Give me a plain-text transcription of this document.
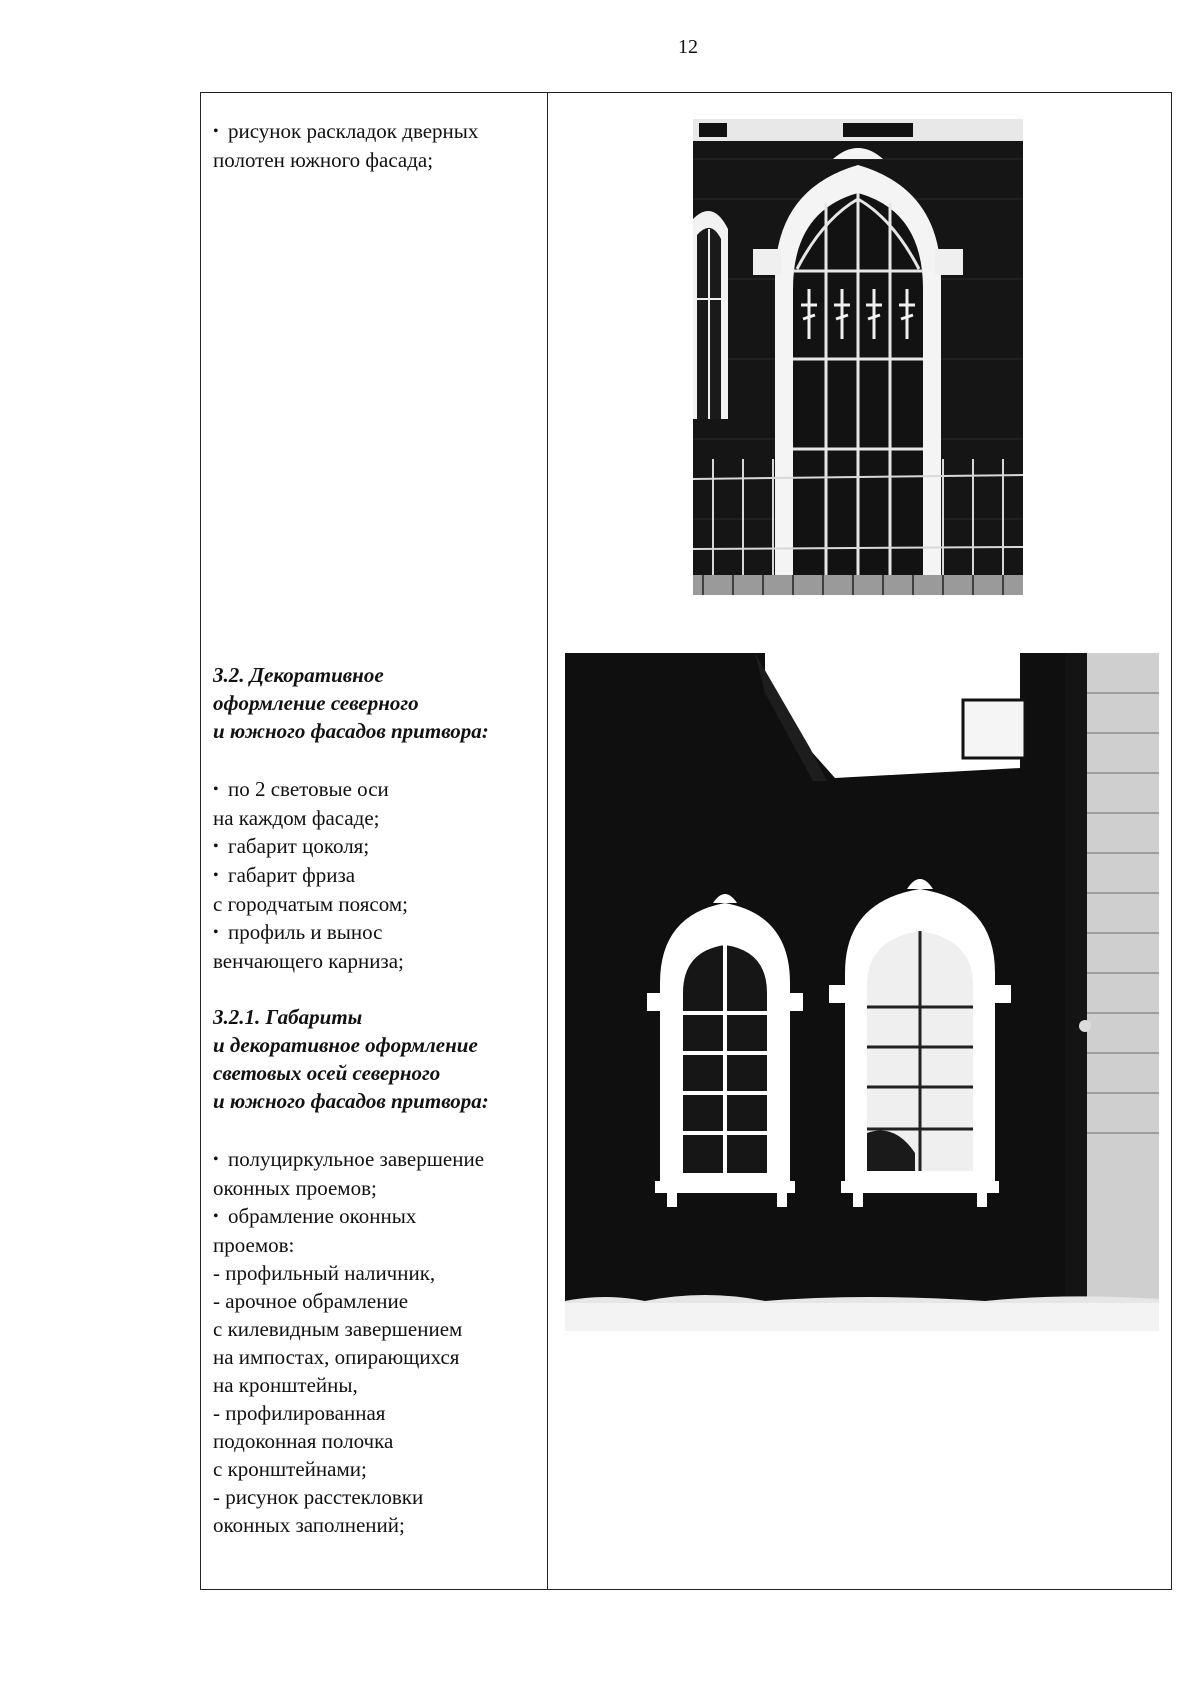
12
• рисунок раскладок дверных
полотен южного фасада;
3.2. Декоративное
оформление северного
и южного фасадов притвора:
• по 2 световые оси
на каждом фасаде;
• габарит цоколя;
• габарит фриза
с городчатым поясом;
• профиль и вынос
венчающего карниза;
3.2.1. Габариты
и декоративное оформление
световых осей северного
и южного фасадов притвора:
• полуциркульное завершение
оконных проемов;
• обрамление оконных
проемов:
- профильный наличник,
- арочное обрамление
с килевидным завершением
на импостах, опирающихся
на кронштейны,
- профилированная
подоконная полочка
с кронштейнами;
- рисунок расстекловки
оконных заполнений;
